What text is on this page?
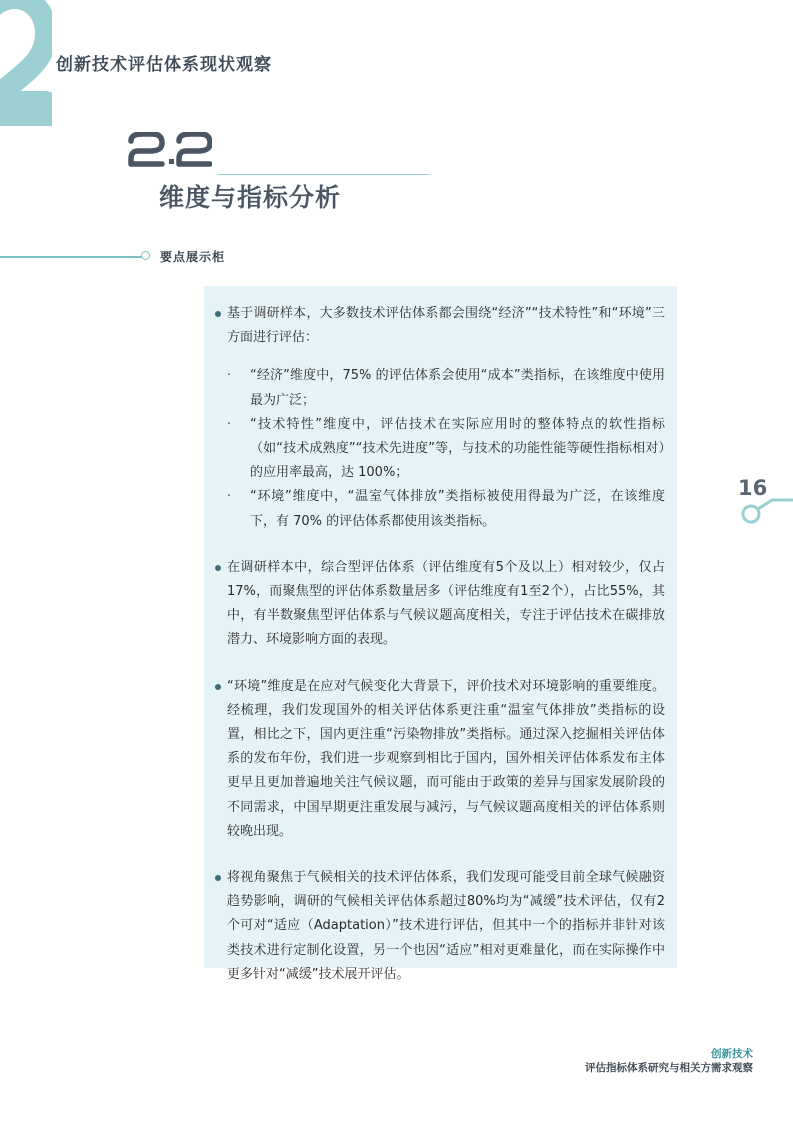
创新技术评估体系现状观察
维度与指标分析
要点展示柜
基于调研样本，大多数技术评估体系都会围绕“经济”“技术特性”和“环境”三方面进行评估：
· “经济”维度中，75% 的评估体系会使用“成本”类指标，在该维度中使用最为广泛；
· “技术特性”维度中，评估技术在实际应用时的整体特点的软性指标（如“技术成熟度”“技术先进度”等，与技术的功能性能等硬性指标相对）的应用率最高，达 100%；
· “环境”维度中，“温室气体排放”类指标被使用得最为广泛，在该维度下，有 70% 的评估体系都使用该类指标。
在调研样本中，综合型评估体系（评估维度有5个及以上）相对较少，仅占17%，而聚焦型的评估体系数量居多（评估维度有1至2个），占比55%，其中，有半数聚焦型评估体系与气候议题高度相关，专注于评估技术在碳排放潜力、环境影响方面的表现。
“环境”维度是在应对气候变化大背景下，评价技术对环境影响的重要维度。经梳理，我们发现国外的相关评估体系更注重“温室气体排放”类指标的设置，相比之下，国内更注重“污染物排放”类指标。通过深入挖掘相关评估体系的发布年份，我们进一步观察到相比于国内，国外相关评估体系发布主体更早且更加普遍地关注气候议题，而可能由于政策的差异与国家发展阶段的不同需求，中国早期更注重发展与减污，与气候议题高度相关的评估体系则较晚出现。
将视角聚焦于气候相关的技术评估体系，我们发现可能受目前全球气候融资趋势影响，调研的气候相关评估体系超过80%均为“减缓”技术评估，仅有2个可对“适应（Adaptation）”技术进行评估，但其中一个的指标并非针对该类技术进行定制化设置，另一个也因“适应”相对更难量化，而在实际操作中更多针对“减缓”技术展开评估。
16
创新技术
评估指标体系研究与相关方需求观察
